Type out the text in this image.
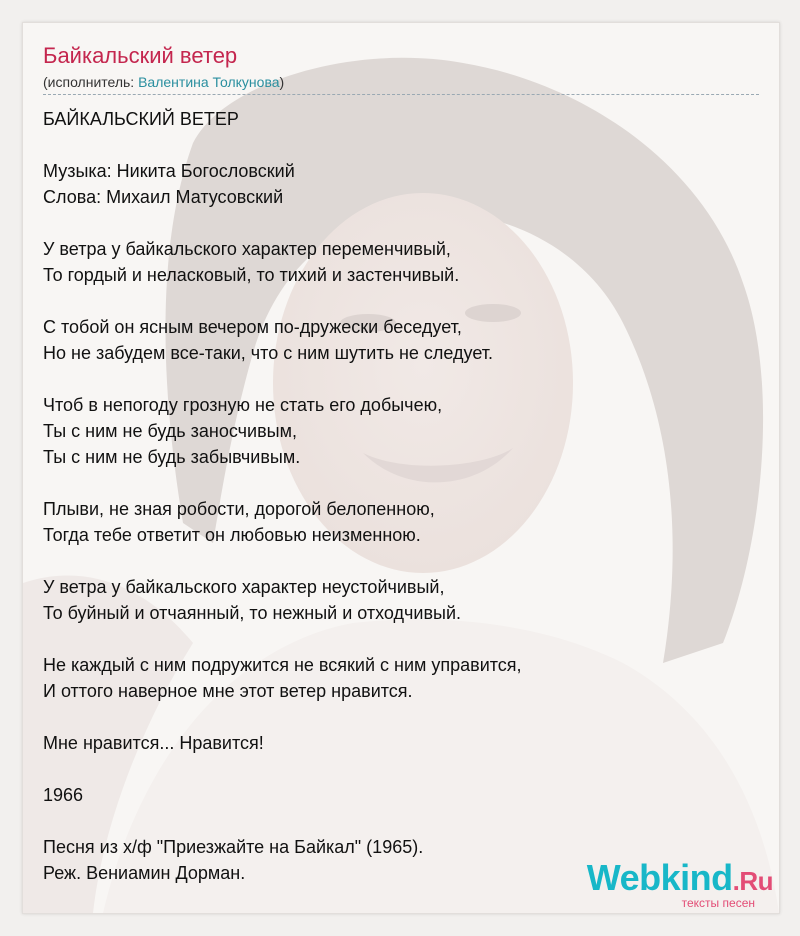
Байкальский ветер
(исполнитель: Валентина Толкунова)
БАЙКАЛЬСКИЙ ВЕТЕР
Музыка: Никита Богословский
Слова: Михаил Матусовский
У ветра у байкальского характер переменчивый,
То гордый и неласковый, то тихий и застенчивый.
С тобой он ясным вечером по-дружески беседует,
Но не забудем все-таки, что с ним шутить не следует.
Чтоб в непогоду грозную не стать его добычею,
Ты с ним не будь заносчивым,
Ты с ним не будь забывчивым.
Плыви, не зная робости, дорогой белопенною,
Тогда тебе ответит он любовью неизменною.
У ветра у байкальского характер неустойчивый,
То буйный и отчаянный, то нежный и отходчивый.
Не каждый с ним подружится не всякий с ним управится,
И оттого наверное мне этот ветер нравится.
Мне нравится... Нравится!
1966
Песня из х/ф "Приезжайте на Байкал" (1965).
Реж. Вениамин Дорман.	Webkind.Ru
тексты песен
